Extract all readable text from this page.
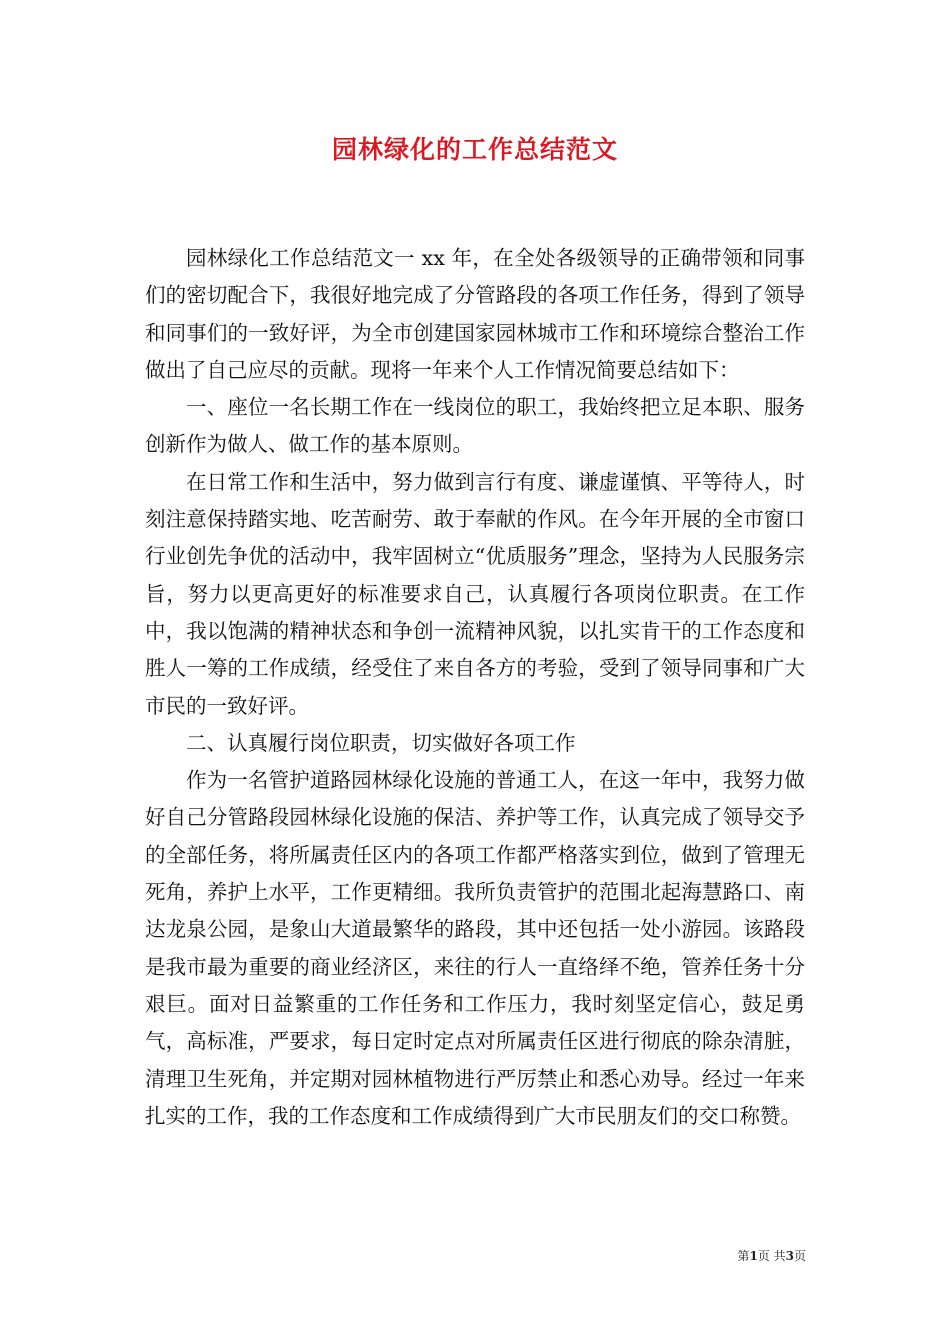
园林绿化的工作总结范文

园林绿化工作总结范文一 xx 年，在全处各级领导的正确带领和同事们的密切配合下，我很好地完成了分管路段的各项工作任务，得到了领导和同事们的一致好评，为全市创建国家园林城市工作和环境综合整治工作做出了自己应尽的贡献。现将一年来个人工作情况简要总结如下：

一、座位一名长期工作在一线岗位的职工，我始终把立足本职、服务创新作为做人、做工作的基本原则。

在日常工作和生活中，努力做到言行有度、谦虚谨慎、平等待人，时刻注意保持踏实地、吃苦耐劳、敢于奉献的作风。在今年开展的全市窗口行业创先争优的活动中，我牢固树立“优质服务”理念，坚持为人民服务宗旨，努力以更高更好的标准要求自己，认真履行各项岗位职责。在工作中，我以饱满的精神状态和争创一流精神风貌，以扎实肯干的工作态度和胜人一筹的工作成绩，经受住了来自各方的考验，受到了领导同事和广大市民的一致好评。

二、认真履行岗位职责，切实做好各项工作

作为一名管护道路园林绿化设施的普通工人，在这一年中，我努力做好自己分管路段园林绿化设施的保洁、养护等工作，认真完成了领导交予的全部任务，将所属责任区内的各项工作都严格落实到位，做到了管理无死角，养护上水平，工作更精细。我所负责管护的范围北起海慧路口、南达龙泉公园，是象山大道最繁华的路段，其中还包括一处小游园。该路段是我市最为重要的商业经济区，来往的行人一直络绎不绝，管养任务十分艰巨。面对日益繁重的工作任务和工作压力，我时刻坚定信心，鼓足勇气，高标准，严要求，每日定时定点对所属责任区进行彻底的除杂清脏，清理卫生死角，并定期对园林植物进行严厉禁止和悉心劝导。经过一年来扎实的工作，我的工作态度和工作成绩得到广大市民朋友们的交口称赞。

第1页 共3页
